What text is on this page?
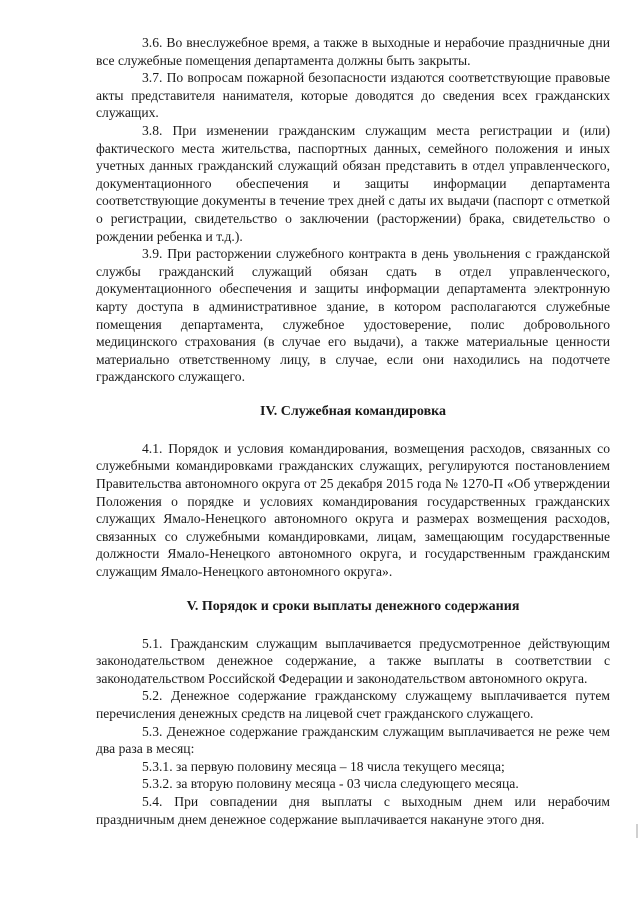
3.6. Во внеслужебное время, а также в выходные и нерабочие праздничные дни все служебные помещения департамента должны быть закрыты.

3.7. По вопросам пожарной безопасности издаются соответствующие правовые акты представителя нанимателя, которые доводятся до сведения всех гражданских служащих.

3.8. При изменении гражданским служащим места регистрации и (или) фактического места жительства, паспортных данных, семейного положения и иных учетных данных гражданский служащий обязан представить в отдел управленческого, документационного обеспечения и защиты информации департамента соответствующие документы в течение трех дней с даты их выдачи (паспорт с отметкой о регистрации, свидетельство о заключении (расторжении) брака, свидетельство о рождении ребенка и т.д.).

3.9. При расторжении служебного контракта в день увольнения с гражданской службы гражданский служащий обязан сдать в отдел управленческого, документационного обеспечения и защиты информации департамента электронную карту доступа в административное здание, в котором располагаются служебные помещения департамента, служебное удостоверение, полис добровольного медицинского страхования (в случае его выдачи), а также материальные ценности материально ответственному лицу, в случае, если они находились на подотчете гражданского служащего.

IV. Служебная командировка

4.1. Порядок и условия командирования, возмещения расходов, связанных со служебными командировками гражданских служащих, регулируются постановлением Правительства автономного округа от 25 декабря 2015 года № 1270-П «Об утверждении Положения о порядке и условиях командирования государственных гражданских служащих Ямало-Ненецкого автономного округа и размерах возмещения расходов, связанных со служебными командировками, лицам, замещающим государственные должности Ямало-Ненецкого автономного округа, и государственным гражданским служащим Ямало-Ненецкого автономного округа».

V. Порядок и сроки выплаты денежного содержания

5.1. Гражданским служащим выплачивается предусмотренное действующим законодательством денежное содержание, а также выплаты в соответствии с законодательством Российской Федерации и законодательством автономного округа.

5.2. Денежное содержание гражданскому служащему выплачивается путем перечисления денежных средств на лицевой счет гражданского служащего.

5.3. Денежное содержание гражданским служащим выплачивается не реже чем два раза в месяц:

5.3.1. за первую половину месяца – 18 числа текущего месяца;

5.3.2. за вторую половину месяца - 03 числа следующего месяца.

5.4. При совпадении дня выплаты с выходным днем или нерабочим праздничным днем денежное содержание выплачивается накануне этого дня.
